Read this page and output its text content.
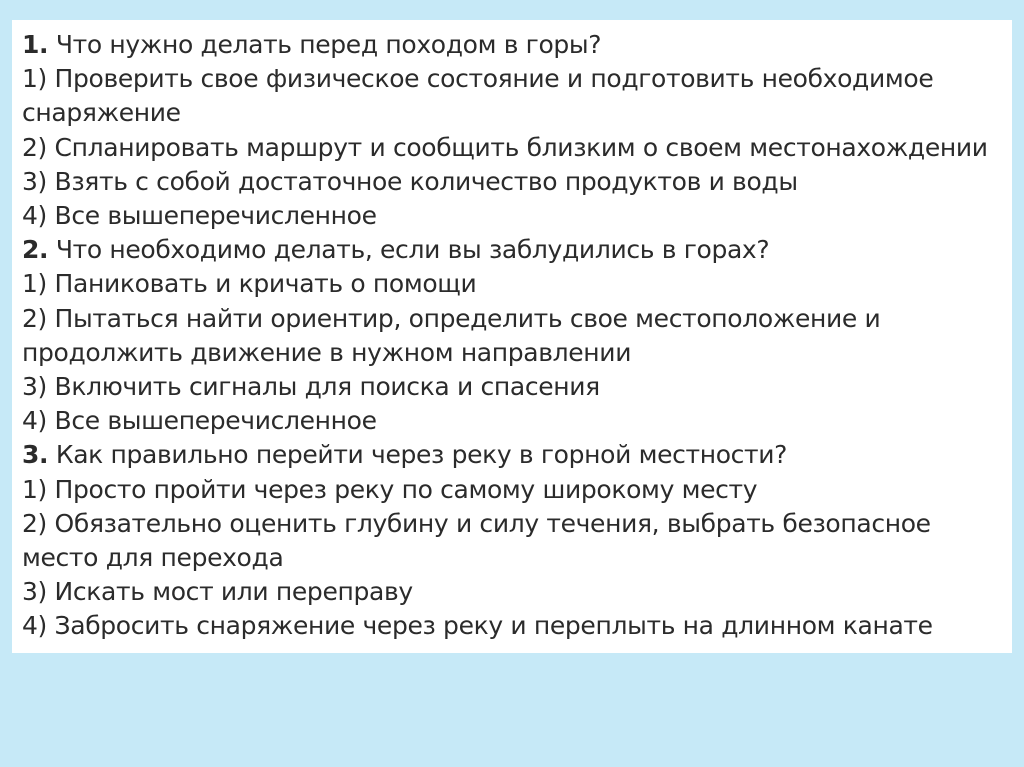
1. Что нужно делать перед походом в горы?
1) Проверить свое физическое состояние и подготовить необходимое
снаряжение
2) Спланировать маршрут и сообщить близким о своем местонахождении
3) Взять с собой достаточное количество продуктов и воды
4) Все вышеперечисленное
2. Что необходимо делать, если вы заблудились в горах?
1) Паниковать и кричать о помощи
2) Пытаться найти ориентир, определить свое местоположение и
продолжить движение в нужном направлении
3) Включить сигналы для поиска и спасения
4) Все вышеперечисленное
3. Как правильно перейти через реку в горной местности?
1) Просто пройти через реку по самому широкому месту
2) Обязательно оценить глубину и силу течения, выбрать безопасное
место для перехода
3) Искать мост или переправу
4) Забросить снаряжение через реку и переплыть на длинном канате
